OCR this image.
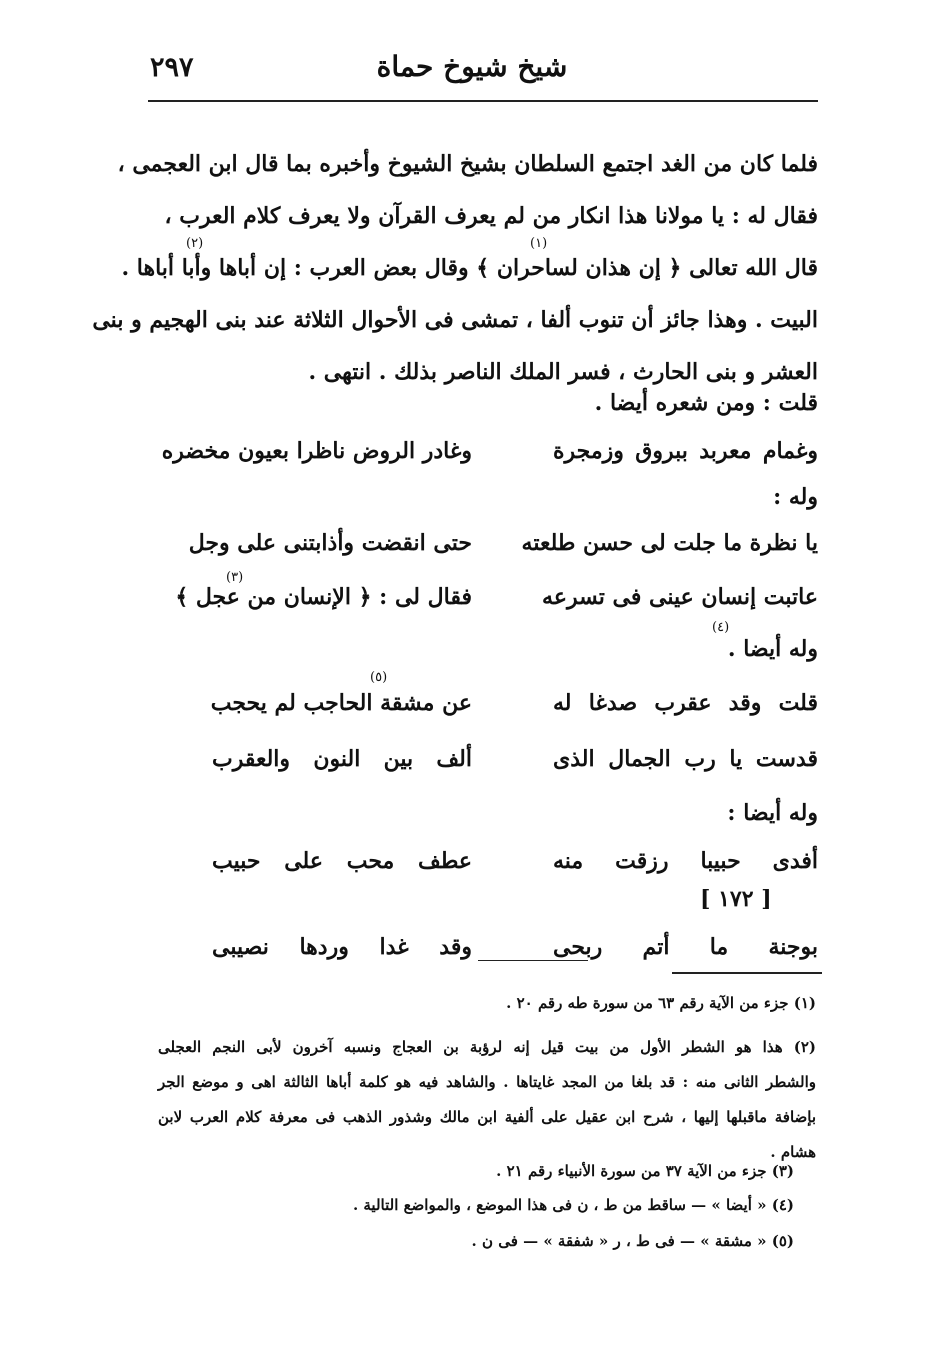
شيخ شيوخ حماة
٢٩٧
فلما كان من الغد اجتمع السلطان بشيخ الشيوخ وأخبره بما قال ابن العجمى ،
فقال له : يا مولانا هذا انكار من لم يعرف القرآن ولا يعرف كلام العرب ،
قال الله تعالى ﴿ إن هذان لساحران ﴾ وقال بعض العرب : إن أباها وأبا أباها .
البيت . وهذا جائز أن تنوب ألفا ، تمشى فى الأحوال الثلاثة عند بنى الهجيم و بنى
العشر و بنى الحارث ، فسر الملك الناصر بذلك . انتهى .
(١)
(٢)
(٣)
(٤)
(٥)
قلت : ومن شعره أيضا .
وغمام معربد ببروق وزمجرة
وغادر الروض ناظرا بعيون مخضره
وله :
يا نظرة ما جلت لى حسن طلعته
حتى انقضت وأذابتنى على وجل
عاتبت إنسان عينى فى تسرعه
فقال لى : ﴿ الإنسان من عجل ﴾
وله أيضا .
قلت وقد عقرب صدغا له
عن مشقة الحاجب لم يحجب
قدست يا رب الجمال الذى
ألف بين النون والعقرب
وله أيضا :
أفدى حبيبا رزقت منه
عطف محب على حبيب
[ ١٧٢ ]
بوجنة ما أتم ربحى
وقد غدا وردها نصيبى
(١) جزء من الآية رقم ٦٣ من سورة طه رقم ٢٠ .
(٢) هذا هو الشطر الأول من بيت قيل إنه لرؤبة بن العجاج ونسبه آخرون لأبى النجم العجلى
والشطر الثانى منه : قد بلغا من المجد غايتاها . والشاهد فيه هو كلمة أباها الثالثة اهى و موضع الجر
بإضافة ماقبلها إليها ، شرح ابن عقيل على ألفية ابن مالك وشذور الذهب فى معرفة كلام العرب لابن
هشام .
(٣) جزء من الآية ٣٧ من سورة الأنبياء رقم ٢١ .
(٤) « أيضا » — ساقط من ط ، ن فى هذا الموضع ، والمواضع التالية .
(٥) « مشقة » — فى ط ، ر « شفقة » — فى ن .
